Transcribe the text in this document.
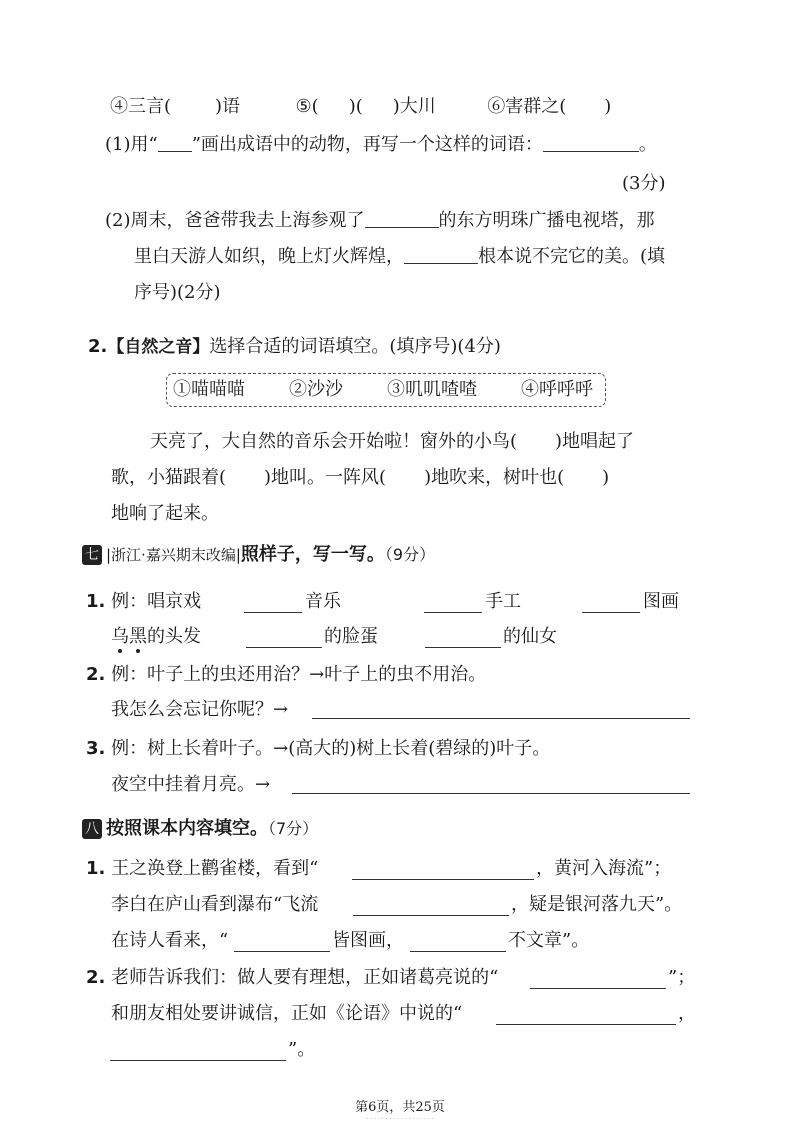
④三言( )语	⑤( )( )大川	⑥害群之( )
(1)用“ ”画出成语中的动物，再写一个这样的词语：	。
(3分)
(2)周末，爸爸带我去上海参观了	的东方明珠广播电视塔，那
里白天游人如织，晚上灯火辉煌，	根本说不完它的美。(填
序号)(2分)
2.【自然之音】选择合适的词语填空。(填序号)(4分)
①喵喵喵 ②沙沙 ③叽叽喳喳 ④呼呼呼
天亮了，大自然的音乐会开始啦！窗外的小鸟( )地唱起了
歌，小猫跟着( )地叫。一阵风( )地吹来，树叶也( )
地响了起来。
七 |浙江·嘉兴期末改编|照样子，写一写。（9分）
1. 例：唱京戏	音乐	手工	图画
乌黑的头发	的脸蛋	的仙女
2. 例：叶子上的虫还用治？→叶子上的虫不用治。
我怎么会忘记你呢？→
3. 例：树上长着叶子。→(高大的)树上长着(碧绿的)叶子。
夜空中挂着月亮。→
八 按照课本内容填空。（7分）
1. 王之涣登上鹳雀楼，看到“	，黄河入海流”；
李白在庐山看到瀑布“飞流	，疑是银河落九天”。
在诗人看来，“	皆图画，	不文章”。
2. 老师告诉我们：做人要有理想，正如诸葛亮说的“	”；
和朋友相处要讲诚信，正如《论语》中说的“	，
”。
第6页，共25页
· · · · · · · · · · · · · · · · · ·
